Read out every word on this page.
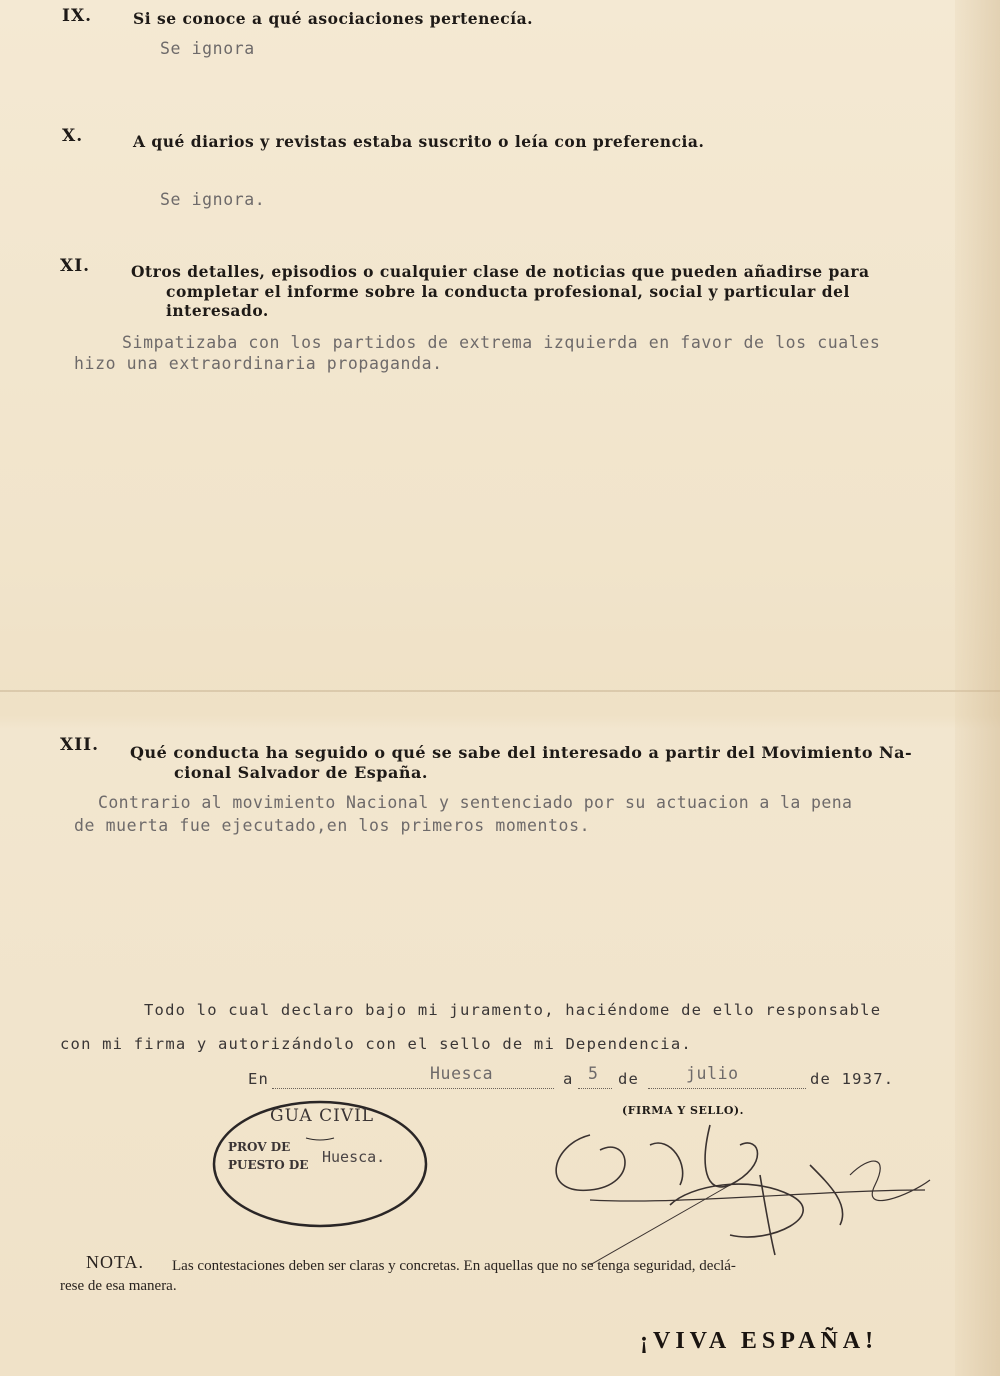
IX.	Si se conoce a qué asociaciones pertenecía.
Se ignora
X.	A qué diarios y revistas estaba suscrito o leía con preferencia.
Se ignora.
XI.	Otros detalles, episodios o cualquier clase de noticias que pueden añadirse para
completar el informe sobre la conducta profesional, social y particular del
interesado.
Simpatizaba con los partidos de extrema izquierda en favor de los cuales
hizo una extraordinaria propaganda.
XII. Qué conducta ha seguido o qué se sabe del interesado a partir del Movimiento Na-
cional Salvador de España.
Contrario al movimiento Nacional y sentenciado por su actuacion a la pena
de muerta fue ejecutado,en los primeros momentos.
Todo lo cual declaro bajo mi juramento, haciéndome de ello responsable
con mi firma y autorizándolo con el sello de mi Dependencia.
En	Huesca	a 5 de	julio	de 1937.
(FIRMA Y SELLO).
GUA CIVIL
PROV DE
PUESTO DE Huesca.
NOTA. Las contestaciones deben ser claras y concretas. En aquellas que no se tenga seguridad, declá-
rese de esa manera.
¡VIVA ESPAÑA!
